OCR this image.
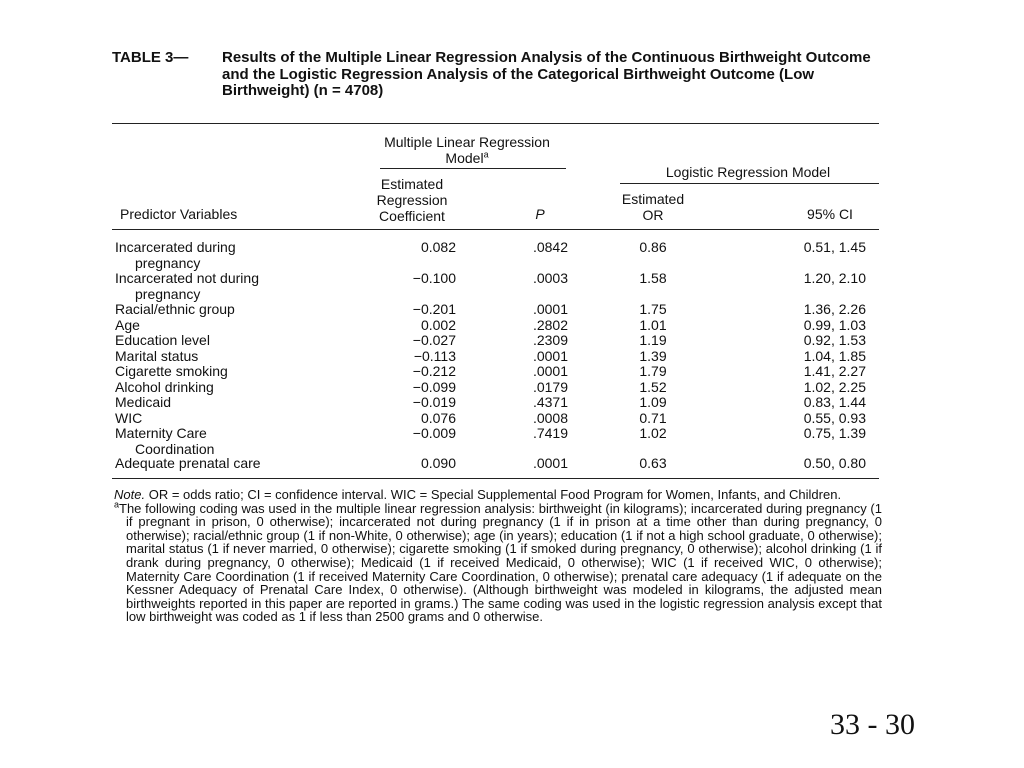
TABLE 3— Results of the Multiple Linear Regression Analysis of the Continuous Birthweight Outcome and the Logistic Regression Analysis of the Categorical Birthweight Outcome (Low Birthweight) (n = 4708)
Multiple Linear Regression Model$^a$
Logistic Regression Model
Predictor Variables
Estimated Regression Coefficient	P
Estimated OR	95% CI
Incarcerated during
pregnancy
0.082	.0842	0.86	0.51, 1.45
Incarcerated not during
pregnancy
−0.100	.0003	1.58	1.20, 2.10
Racial/ethnic group	−0.201	.0001	1.75	1.36, 2.26
Age	0.002	.2802	1.01	0.99, 1.03
Education level	−0.027	.2309	1.19	0.92, 1.53
Marital status	−0.113	.0001	1.39	1.04, 1.85
Cigarette smoking	−0.212	.0001	1.79	1.41, 2.27
Alcohol drinking	−0.099	.0179	1.52	1.02, 2.25
Medicaid	−0.019	.4371	1.09	0.83, 1.44
WIC	0.076	.0008	0.71	0.55, 0.93
Maternity Care
Coordination
−0.009	.7419	1.02	0.75, 1.39
Adequate prenatal care	0.090	.0001	0.63	0.50, 0.80

Note. OR = odds ratio; CI = confidence interval. WIC = Special Supplemental Food Program for Women, Infants, and Children.

$^a$The following coding was used in the multiple linear regression analysis: birthweight (in kilograms); incarcerated during pregnancy (1 if pregnant in prison, 0 otherwise); incarcerated not during pregnancy (1 if in prison at a time other than during pregnancy, 0 otherwise); racial/ethnic group (1 if non-White, 0 otherwise); age (in years); education (1 if not a high school graduate, 0 otherwise); marital status (1 if never married, 0 otherwise); cigarette smoking (1 if smoked during pregnancy, 0 otherwise); alcohol drinking (1 if drank during pregnancy, 0 otherwise); Medicaid (1 if received Medicaid, 0 otherwise); WIC (1 if received WIC, 0 otherwise); Maternity Care Coordination (1 if received Maternity Care Coordination, 0 otherwise); prenatal care adequacy (1 if adequate on the Kessner Adequacy of Prenatal Care Index, 0 otherwise). (Although birthweight was modeled in kilograms, the adjusted mean birthweights reported in this paper are reported in grams.) The same coding was used in the logistic regression analysis except that low birthweight was coded as 1 if less than 2500 grams and 0 otherwise.

33 - 30
